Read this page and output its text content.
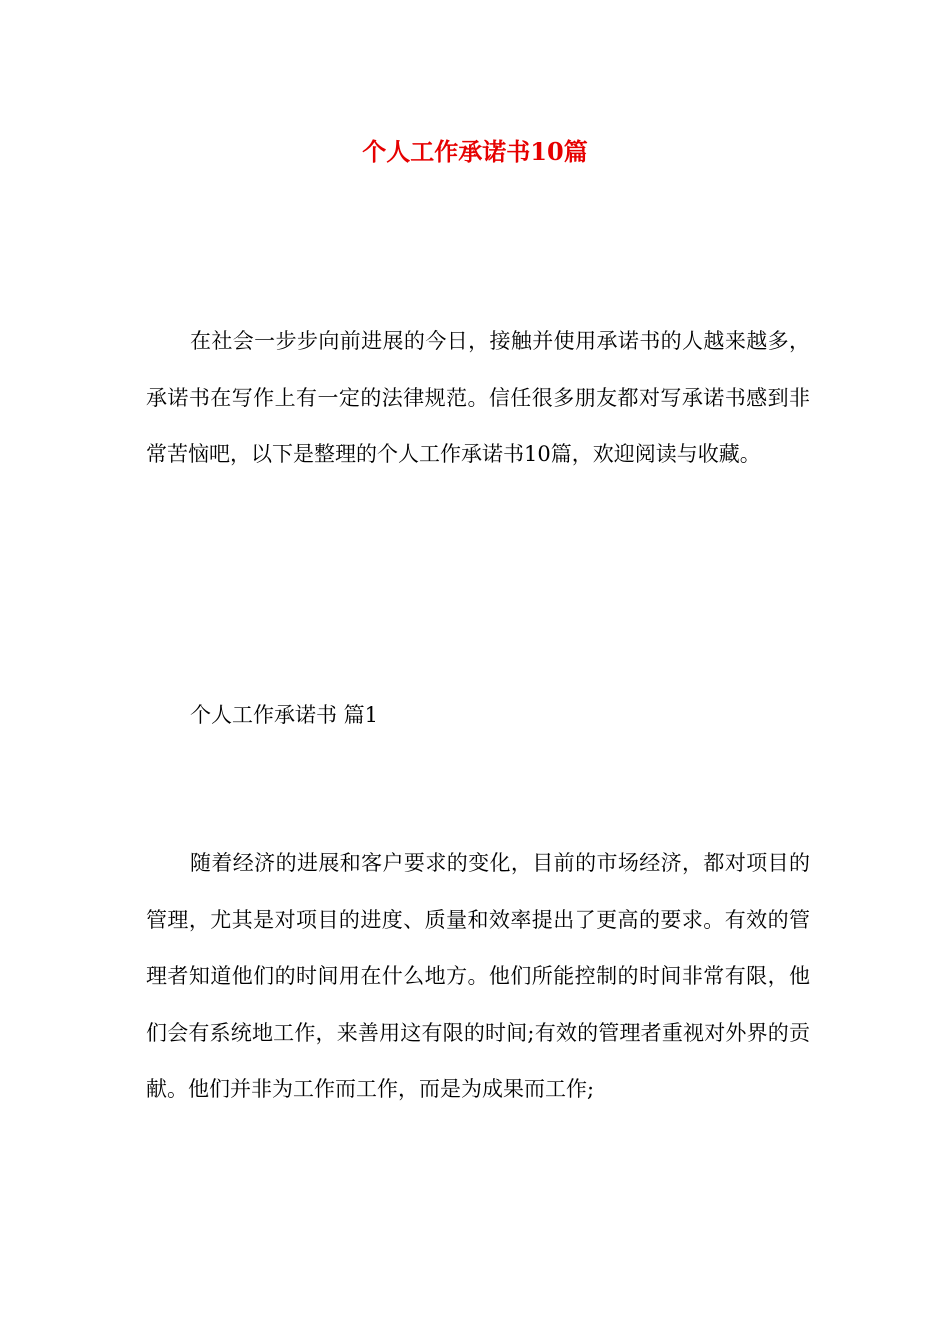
个人工作承诺书10篇

在社会一步步向前进展的今日，接触并使用承诺书的人越来越多，承诺书在写作上有一定的法律规范。信任很多朋友都对写承诺书感到非常苦恼吧，以下是整理的个人工作承诺书10篇，欢迎阅读与收藏。

个人工作承诺书 篇1

随着经济的进展和客户要求的变化，目前的市场经济，都对项目的管理，尤其是对项目的进度、质量和效率提出了更高的要求。有效的管理者知道他们的时间用在什么地方。他们所能控制的时间非常有限，他们会有系统地工作，来善用这有限的时间;有效的管理者重视对外界的贡献。他们并非为工作而工作，而是为成果而工作;
